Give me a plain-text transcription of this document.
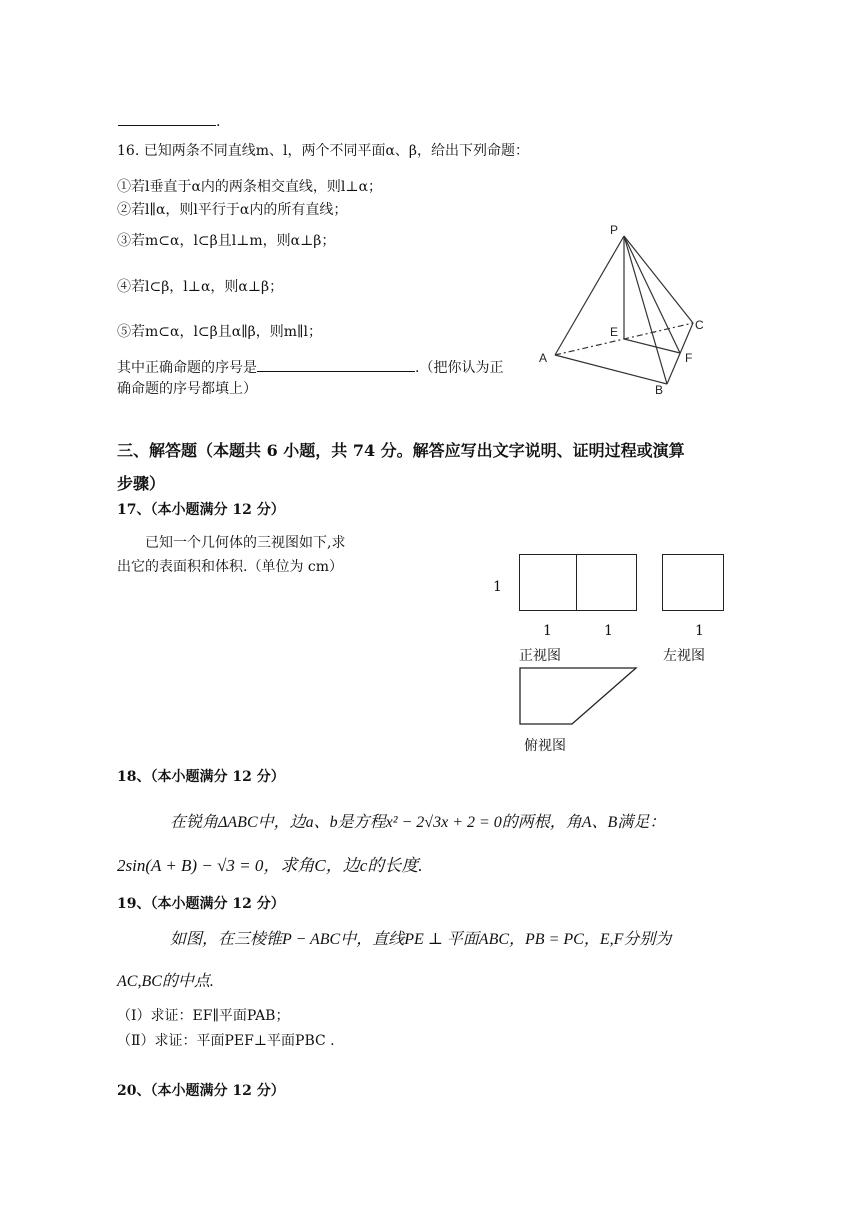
.
16. 已知两条不同直线m、l，两个不同平面α、β，给出下列命题：
①若l垂直于α内的两条相交直线，则l⊥α；
②若l∥α，则l平行于α内的所有直线；
③若m⊂α，l⊂β且l⊥m，则α⊥β；
④若l⊂β，l⊥α，则α⊥β；
⑤若m⊂α，l⊂β且α∥β，则m∥l；
其中正确命题的序号是	.（把你认为正
确命题的序号都填上）
P
A
B
C
E
F
三、解答题（本题共 6 小题，共 74 分。解答应写出文字说明、证明过程或演算
步骤）
17、（本小题满分 12 分）
已知一个几何体的三视图如下,求
出它的表面积和体积.（单位为 cm）
1
1	1	1
正视图	左视图
俯视图
18、（本小题满分 12 分）
在锐角ΔABC中，边a、b是方程x² − 2√3x + 2 = 0的两根，角A、B满足：
2sin(A + B) − √3 = 0，求角C，边c的长度.
19、（本小题满分 12 分）
如图，在三棱锥P − ABC中，直线PE ⊥ 平面ABC，PB = PC，E,F分别为
AC,BC的中点.
（Ⅰ）求证：EF∥平面PAB；
（Ⅱ）求证：平面PEF⊥平面PBC .
20、（本小题满分 12 分）
